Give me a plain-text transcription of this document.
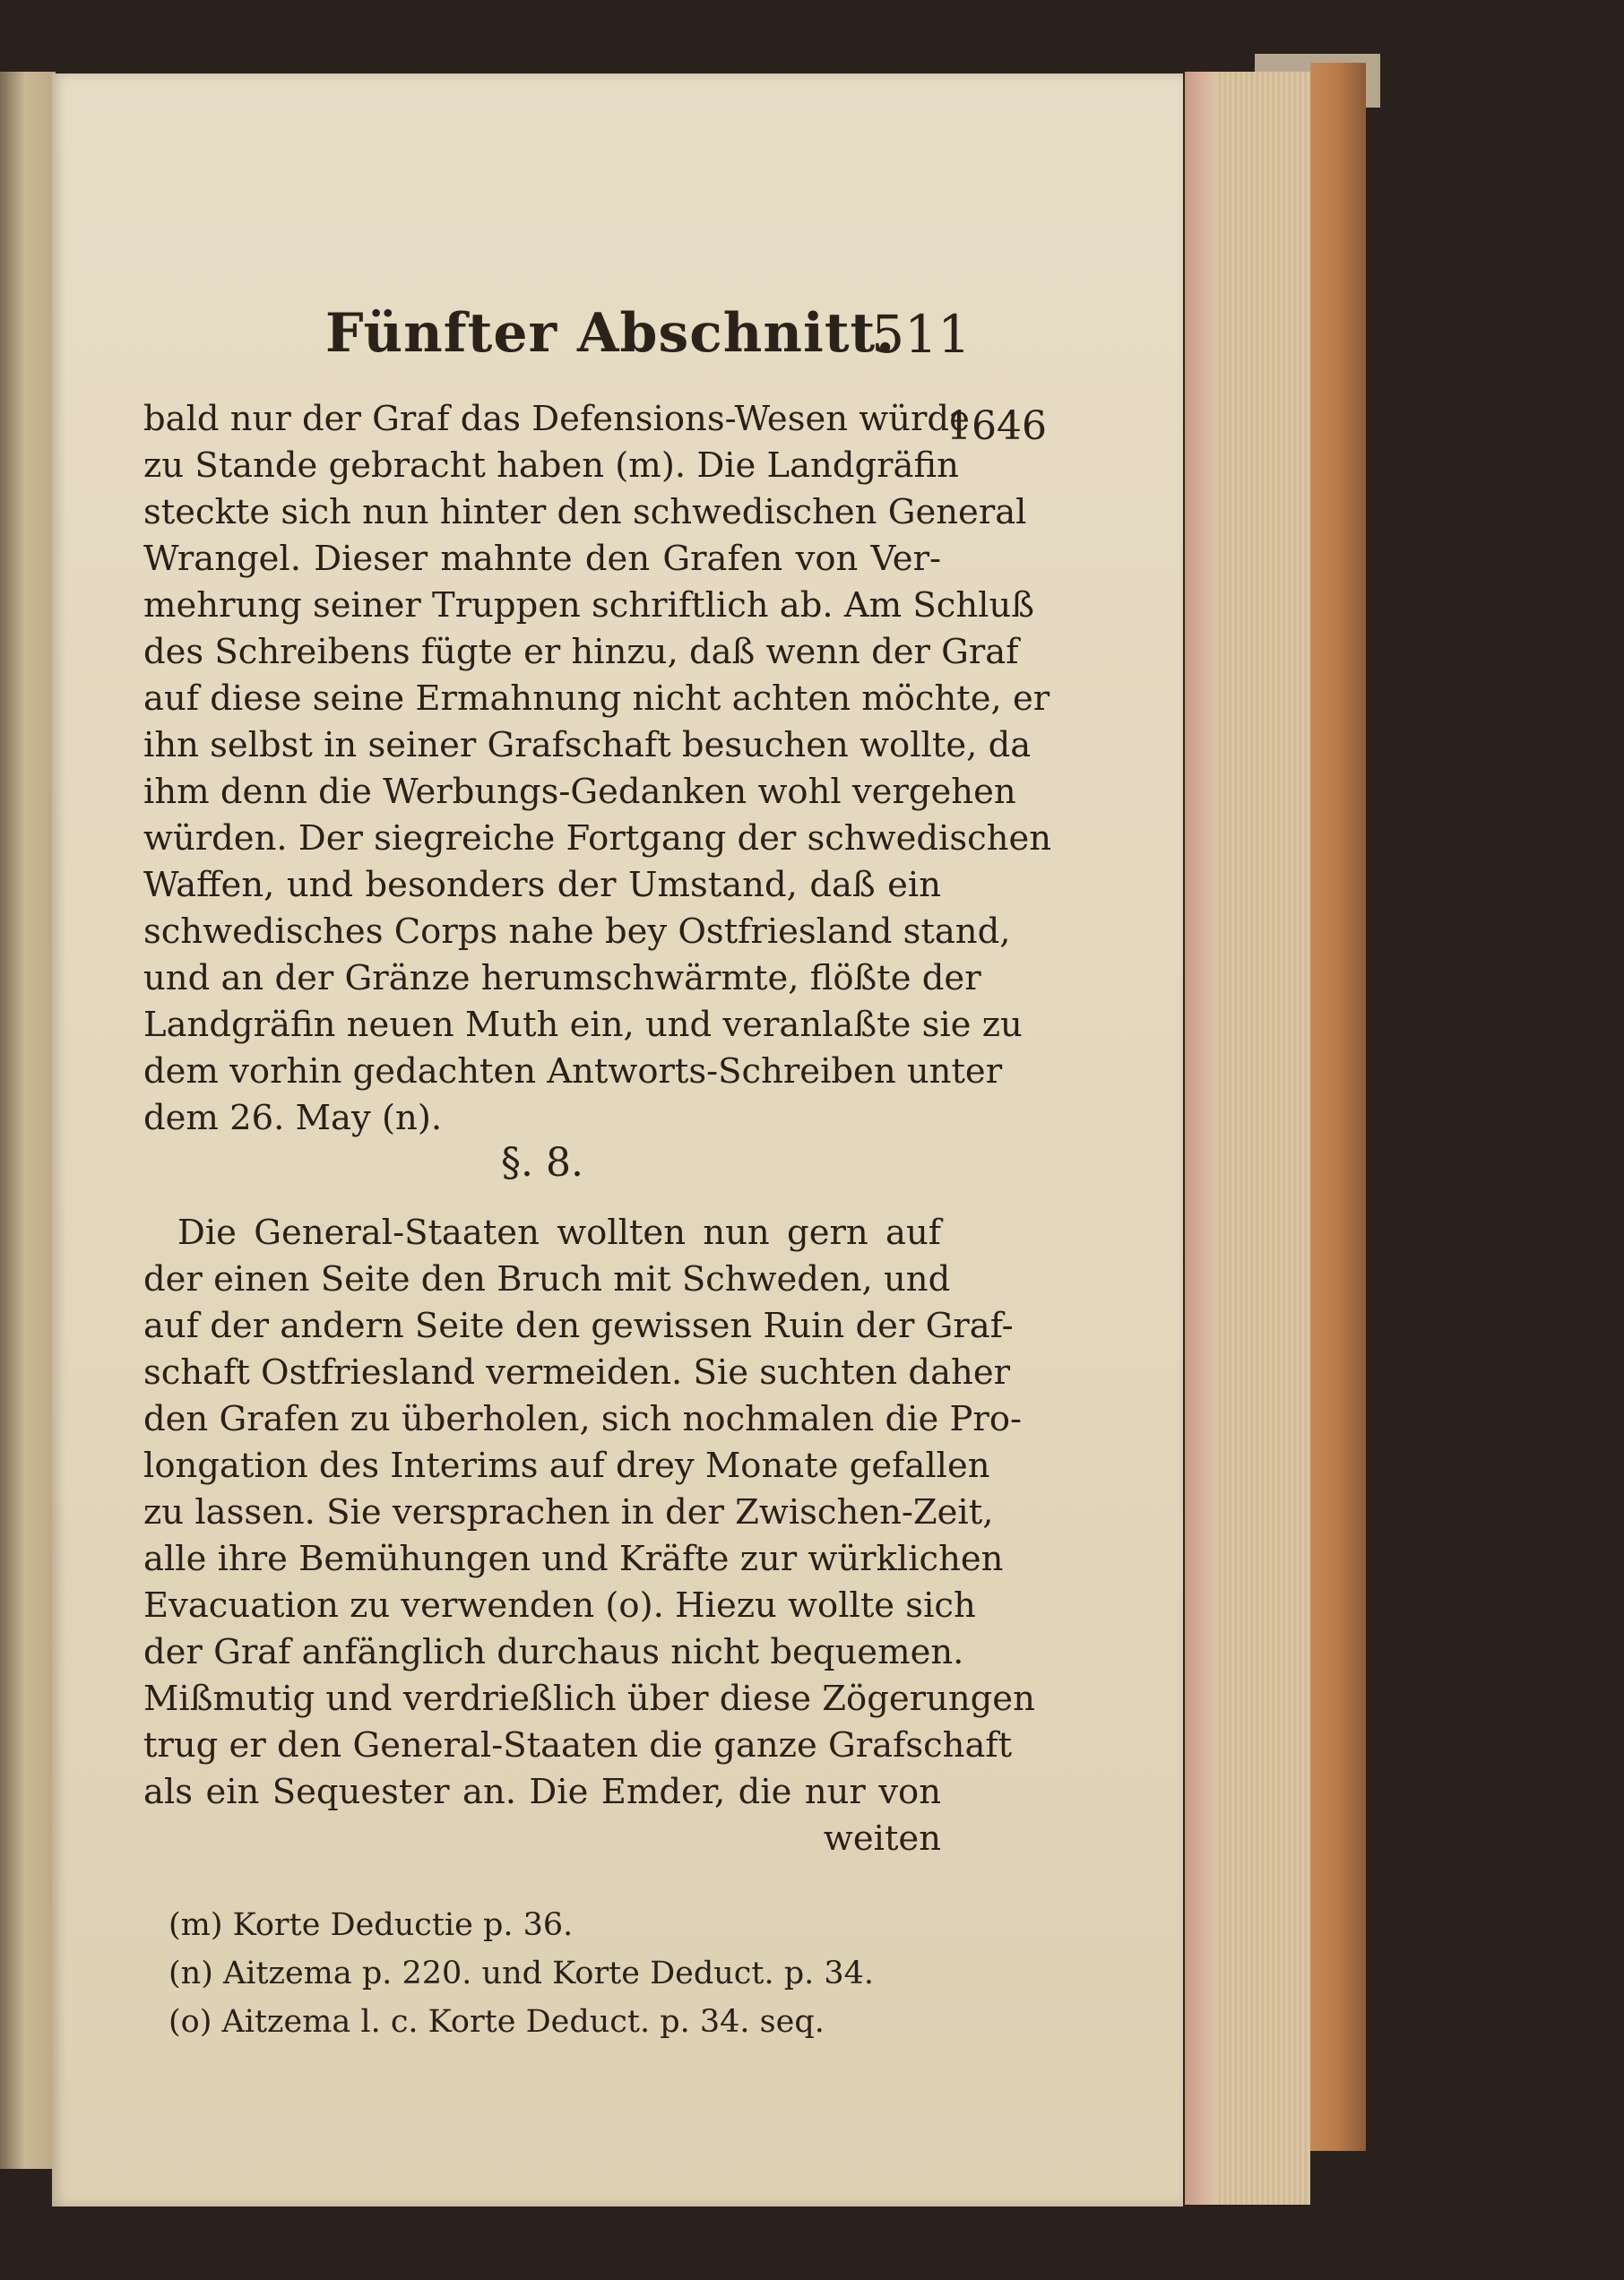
Fünfter Abschnitt.
511
1646
bald nur der Graf das Defensions-Wesen würde
zu Stande gebracht haben (m). Die Landgräfin
steckte sich nun hinter den schwedischen General
Wrangel. Dieser mahnte den Grafen von Ver-
mehrung seiner Truppen schriftlich ab. Am Schluß
des Schreibens fügte er hinzu, daß wenn der Graf
auf diese seine Ermahnung nicht achten möchte, er
ihn selbst in seiner Grafschaft besuchen wollte, da
ihm denn die Werbungs-Gedanken wohl vergehen
würden. Der siegreiche Fortgang der schwedischen
Waffen, und besonders der Umstand, daß ein
schwedisches Corps nahe bey Ostfriesland stand,
und an der Gränze herumschwärmte, flößte der
Landgräfin neuen Muth ein, und veranlaßte sie zu
dem vorhin gedachten Antworts-Schreiben unter
dem 26. May (n).
§. 8.
Die General-Staaten wollten nun gern auf
der einen Seite den Bruch mit Schweden, und
auf der andern Seite den gewissen Ruin der Graf-
schaft Ostfriesland vermeiden. Sie suchten daher
den Grafen zu überholen, sich nochmalen die Pro-
longation des Interims auf drey Monate gefallen
zu lassen. Sie versprachen in der Zwischen-Zeit,
alle ihre Bemühungen und Kräfte zur würklichen
Evacuation zu verwenden (o). Hiezu wollte sich
der Graf anfänglich durchaus nicht bequemen.
Mißmutig und verdrießlich über diese Zögerungen
trug er den General-Staaten die ganze Grafschaft
als ein Sequester an. Die Emder, die nur von
weiten
(m) Korte Deductie p. 36.
(n) Aitzema p. 220. und Korte Deduct. p. 34.
(o) Aitzema l. c. Korte Deduct. p. 34. seq.
